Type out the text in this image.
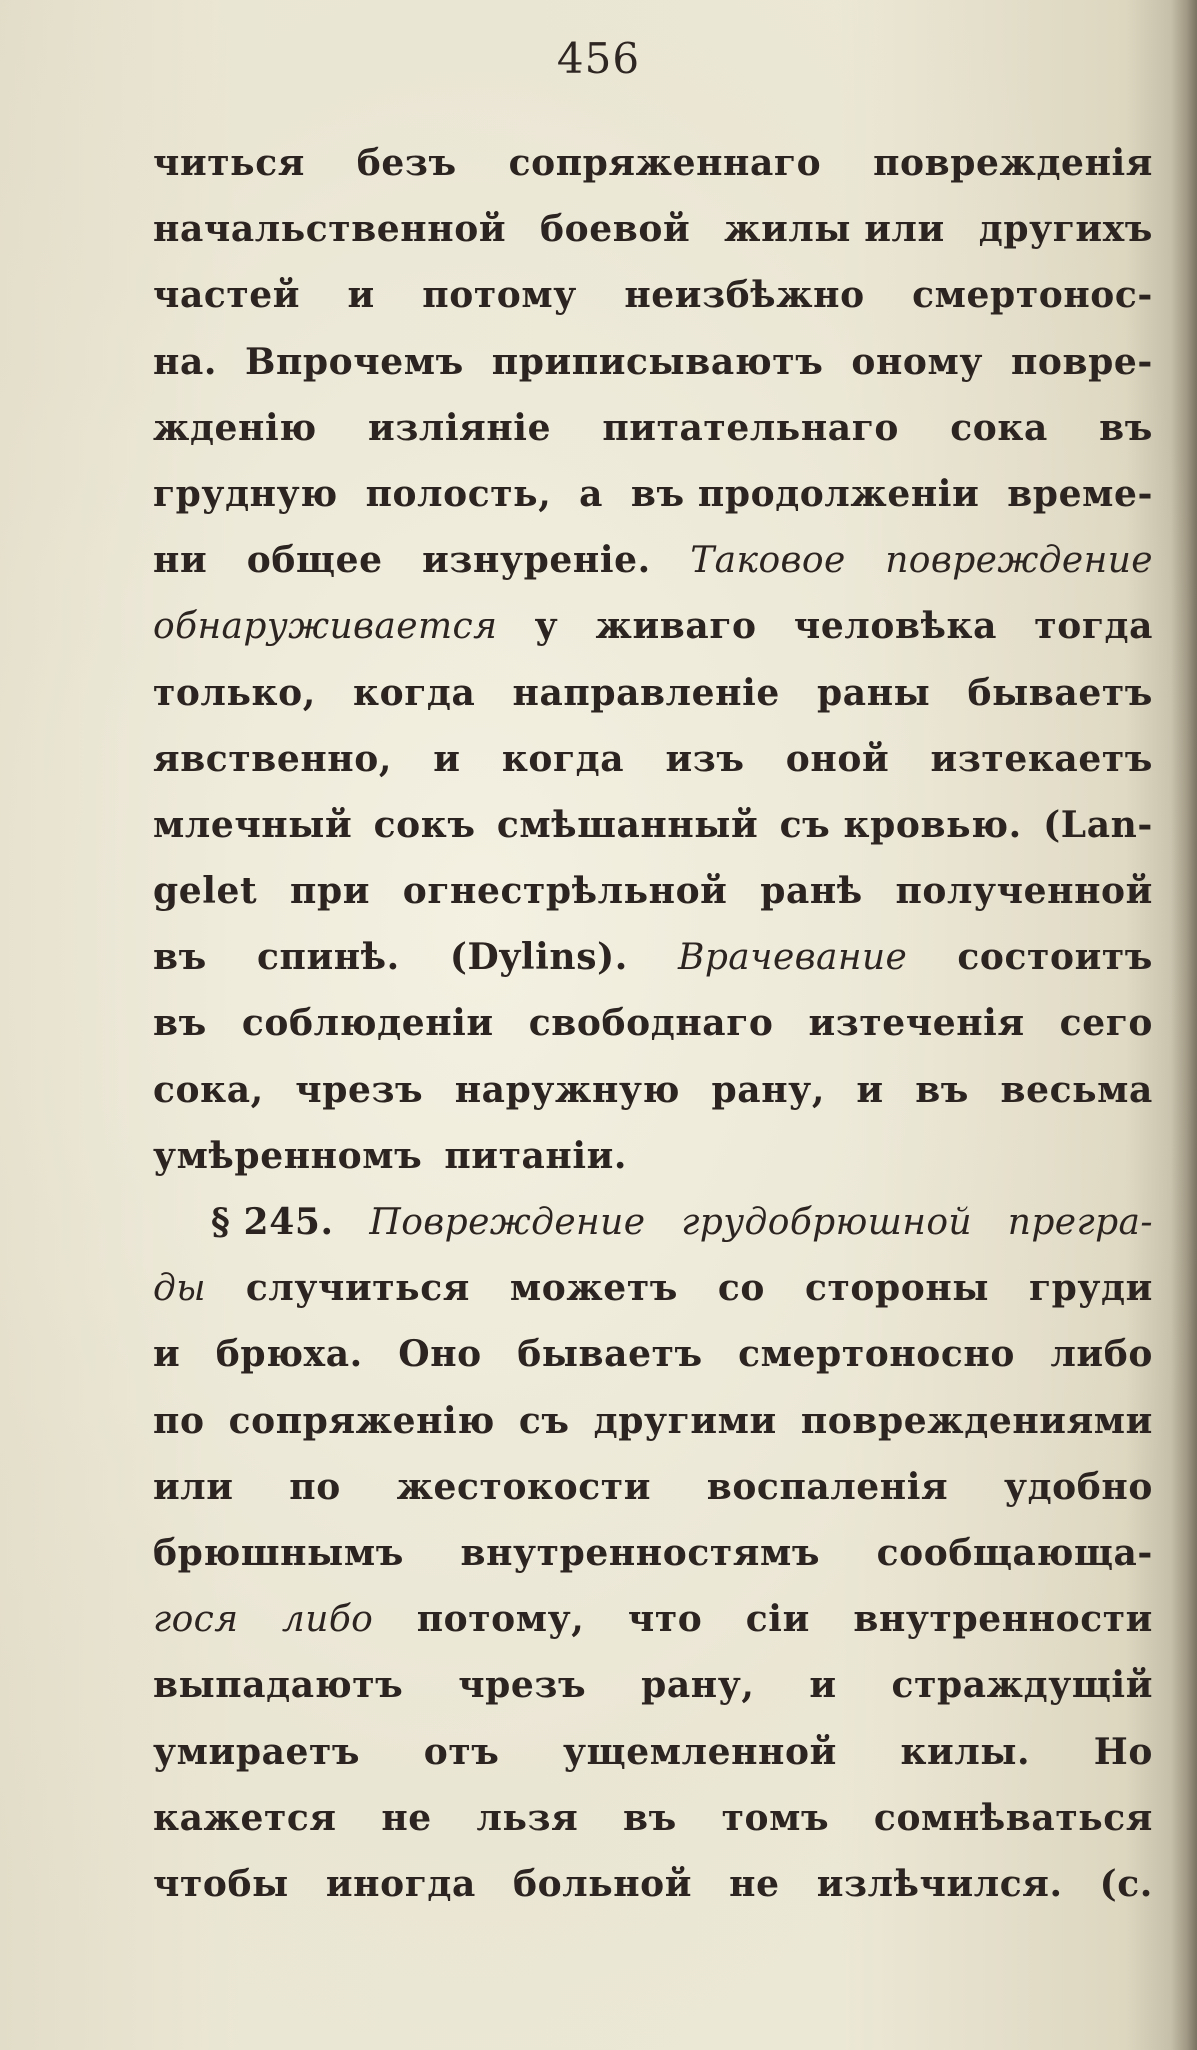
456
читься безъ сопряженнаго поврежденія
начальственной боевой жилы или другихъ
частей и потому неизбѣжно смертонос-
на. Впрочемъ приписываютъ оному повре-
жденію изліяніе питательнаго сока въ
грудную полость, а въ продолженіи време-
ни общее изнуреніе. Таковое повреждение
обнаруживается у живаго человѣка тогда
только, когда направленіе раны бываетъ
явственно, и когда изъ оной изтекаетъ
млечный сокъ смѣшанный съ кровью. (Lan-
gelet при огнестрѣльной ранѣ полученной
въ спинѣ. (Dylins). Врачевание состоитъ
въ соблюденіи свободнаго изтеченія сего
сока, чрезъ наружную рану, и въ весьма
умѣренномъ питаніи.
§ 245. Повреждение грудобрюшной прегра-
ды случиться можетъ со стороны груди
и брюха. Оно бываетъ смертоносно либо
по сопряженію съ другими повреждениями
или по жестокости воспаленія удобно
брюшнымъ внутренностямъ сообщающа-
гося либо потому, что сіи внутренности
выпадаютъ чрезъ рану, и страждущій
умираетъ отъ ущемленной килы. Но
кажется не льзя въ томъ сомнѣваться
чтобы иногда больной не излѣчился. (с.
